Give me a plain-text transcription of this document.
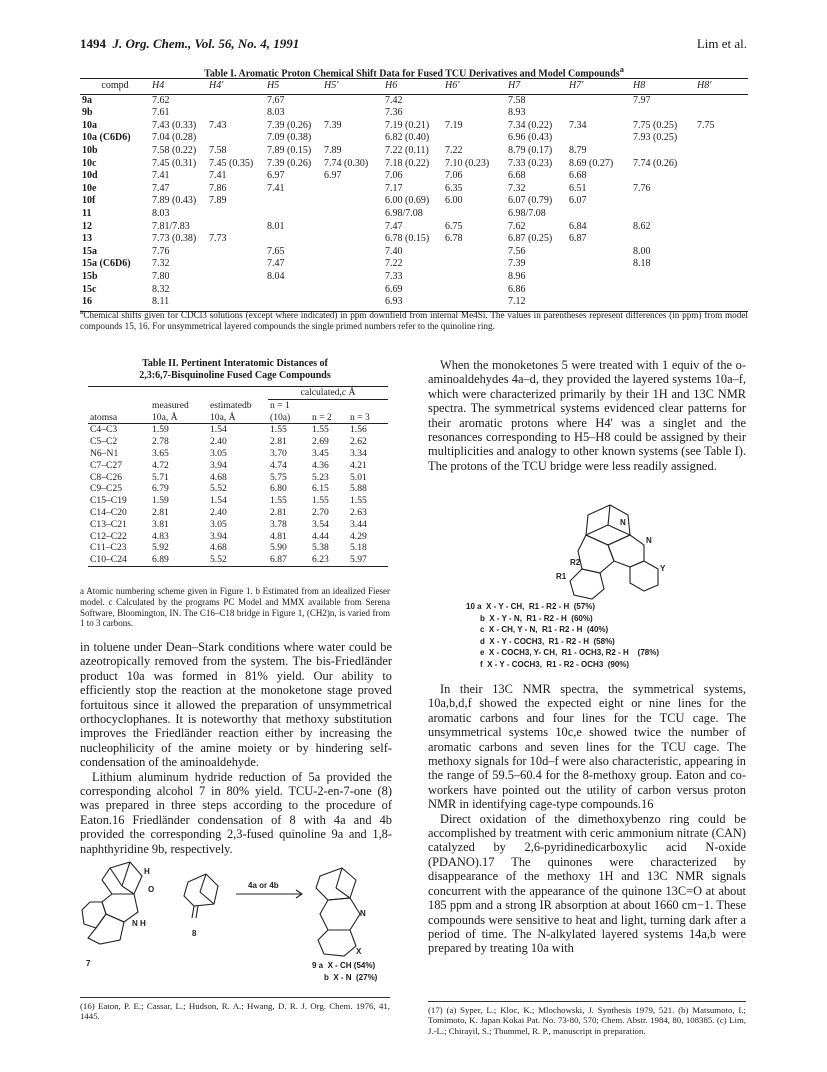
1494 J. Org. Chem., Vol. 56, No. 4, 1991	Lim et al.
Table I. Aromatic Proton Chemical Shift Data for Fused TCU Derivatives and Model Compounds$^a$
compd	H4	H4'	H5	H5'	H6	H6'	H7	H7'	H8	H8'
9a	7.62		7.67		7.42		7.58		7.97	
9b	7.61		8.03		7.36		8.93			
10a	7.43 (0.33)	7.43	7.39 (0.26)	7.39	7.19 (0.21)	7.19	7.34 (0.22)	7.34	7.75 (0.25)	7.75
10a (C6D6)	7.04 (0.28)		7.09 (0.38)		6.82 (0.40)		6.96 (0.43)		7.93 (0.25)	
10b	7.58 (0.22)	7.58	7.89 (0.15)	7.89	7.22 (0.11)	7.22	8.79 (0.17)	8.79		
10c	7.45 (0.31)	7.45 (0.35)	7.39 (0.26)	7.74 (0.30)	7.18 (0.22)	7.10 (0.23)	7.33 (0.23)	8.69 (0.27)	7.74 (0.26)	
10d	7.41	7.41	6.97	6.97	7.06	7.06	6.68	6.68		
10e	7.47	7.86	7.41		7.17	6.35	7.32	6.51	7.76	
10f	7.89 (0.43)	7.89			6.00 (0.69)	6.00	6.07 (0.79)	6.07		
11	8.03				6.98/7.08		6.98/7.08			
12	7.81/7.83		8.01		7.47	6.75	7.62	6.84	8.62	
13	7.73 (0.38)	7.73			6.78 (0.15)	6.78	6.87 (0.25)	6.87		
15a	7.76		7.65		7.40		7.56		8.00	
15a (C6D6)	7.32		7.47		7.22		7.39		8.18	
15b	7.80		8.04		7.33		8.96			
15c	8.32				6.69		6.86			
16	8.11				6.93		7.12			
$^a$Chemical shifts given for CDCl3 solutions (except where indicated) in ppm downfield from internal Me4Si. The values in parentheses represent differences (in ppm) from model compounds 15, 16. For unsymmetrical layered compounds the single primed numbers refer to the quinoline ring.
Table II. Pertinent Interatomic Distances of
2,3:6,7-Bisquinoline Fused Cage Compounds
			calculated,c Å		
atomsa	measured 10a, Å	estimatedb 10a, Å	n = 1 (10a)	n = 2	n = 3
C4–C3	1.59	1.54	1.55	1.55	1.56
C5–C2	2.78	2.40	2.81	2.69	2.62
N6–N1	3.65	3.05	3.70	3.45	3.34
C7–C27	4.72	3.94	4.74	4.36	4.21
C8–C26	5.71	4.68	5.75	5.23	5.01
C9–C25	6.79	5.52	6.80	6.15	5.88
C15–C19	1.59	1.54	1.55	1.55	1.55
C14–C20	2.81	2.40	2.81	2.70	2.63
C13–C21	3.81	3.05	3.78	3.54	3.44
C12–C22	4.83	3.94	4.81	4.44	4.29
C11–C23	5.92	4.68	5.90	5.38	5.18
C10–C24	6.89	5.52	6.87	6.23	5.97
a Atomic numbering scheme given in Figure 1. b Estimated from an idealized Fieser model. c Calculated by the programs PC Model and MMX available from Serena Software, Bloomington, IN. The C16–C18 bridge in Figure 1, (CH2)n, is varied from 1 to 3 carbons.

in toluene under Dean–Stark conditions where water could be azeotropically removed from the system. The bis-Friedländer product 10a was formed in 81% yield. Our ability to efficiently stop the reaction at the monoketone stage proved fortuitous since it allowed the preparation of unsymmetrical orthocyclophanes. It is noteworthy that methoxy substitution improves the Friedländer reaction either by increasing the nucleophilicity of the amine moiety or by hindering self-condensation of the aminoaldehyde.

Lithium aluminum hydride reduction of 5a provided the corresponding alcohol 7 in 80% yield. TCU-2-en-7-one (8) was prepared in three steps according to the procedure of Eaton.16 Friedländer condensation of 8 with 4a and 4b provided the corresponding 2,3-fused quinoline 9a and 1,8-naphthyridine 9b, respectively.

H
O
N H
7
8
4a or 4b
N
X
9 a  X - CH (54%)
b  X - N  (27%)
(16) Eaton, P. E.; Cassar, L.; Hudson, R. A.; Hwang, D. R. J. Org. Chem. 1976, 41, 1445.

When the monoketones 5 were treated with 1 equiv of the o-aminoaldehydes 4a–d, they provided the layered systems 10a–f, which were characterized primarily by their 1H and 13C NMR spectra. The symmetrical systems evidenced clear patterns for their aromatic protons where H4' was a singlet and the resonances corresponding to H5–H8 could be assigned by their multiplicities and analogy to other known systems (see Table I). The protons of the TCU bridge were less readily assigned.

N
N
Y
R1
R2
10 a  X - Y - CH,  R1 - R2 - H  (57%)
b  X - Y - N,  R1 - R2 - H  (60%)
c  X - CH, Y - N,  R1 - R2 - H  (40%)
d  X - Y - COCH3,  R1 - R2 - H  (58%)
e  X - COCH3, Y- CH,  R1 - OCH3, R2 - H    (78%)
f  X - Y - COCH3,  R1 - R2 - OCH3  (90%)

In their 13C NMR spectra, the symmetrical systems, 10a,b,d,f showed the expected eight or nine lines for the aromatic carbons and four lines for the TCU cage. The unsymmetrical systems 10c,e showed twice the number of aromatic carbons and seven lines for the TCU cage. The methoxy signals for 10d–f were also characteristic, appearing in the range of 59.5–60.4 for the 8-methoxy group. Eaton and co-workers have pointed out the utility of carbon versus proton NMR in identifying cage-type compounds.16

Direct oxidation of the dimethoxybenzo ring could be accomplished by treatment with ceric ammonium nitrate (CAN) catalyzed by 2,6-pyridinedicarboxylic acid N-oxide (PDANO).17 The quinones were characterized by disappearance of the methoxy 1H and 13C NMR signals concurrent with the appearance of the quinone 13C=O at about 185 ppm and a strong IR absorption at about 1660 cm−1. These compounds were sensitive to heat and light, turning dark after a period of time. The N-alkylated layered systems 14a,b were prepared by treating 10a with

(17) (a) Syper, L.; Kloc, K.; Mlochowski, J. Synthesis 1979, 521. (b) Matsumoto, I.; Tomimoto, K. Japan Kokai Pat. No. 73-80, 570; Chem. Abstr. 1984, 80, 108385. (c) Lim, J.-L.; Chirayil, S.; Thummel, R. P., manuscript in preparation.
